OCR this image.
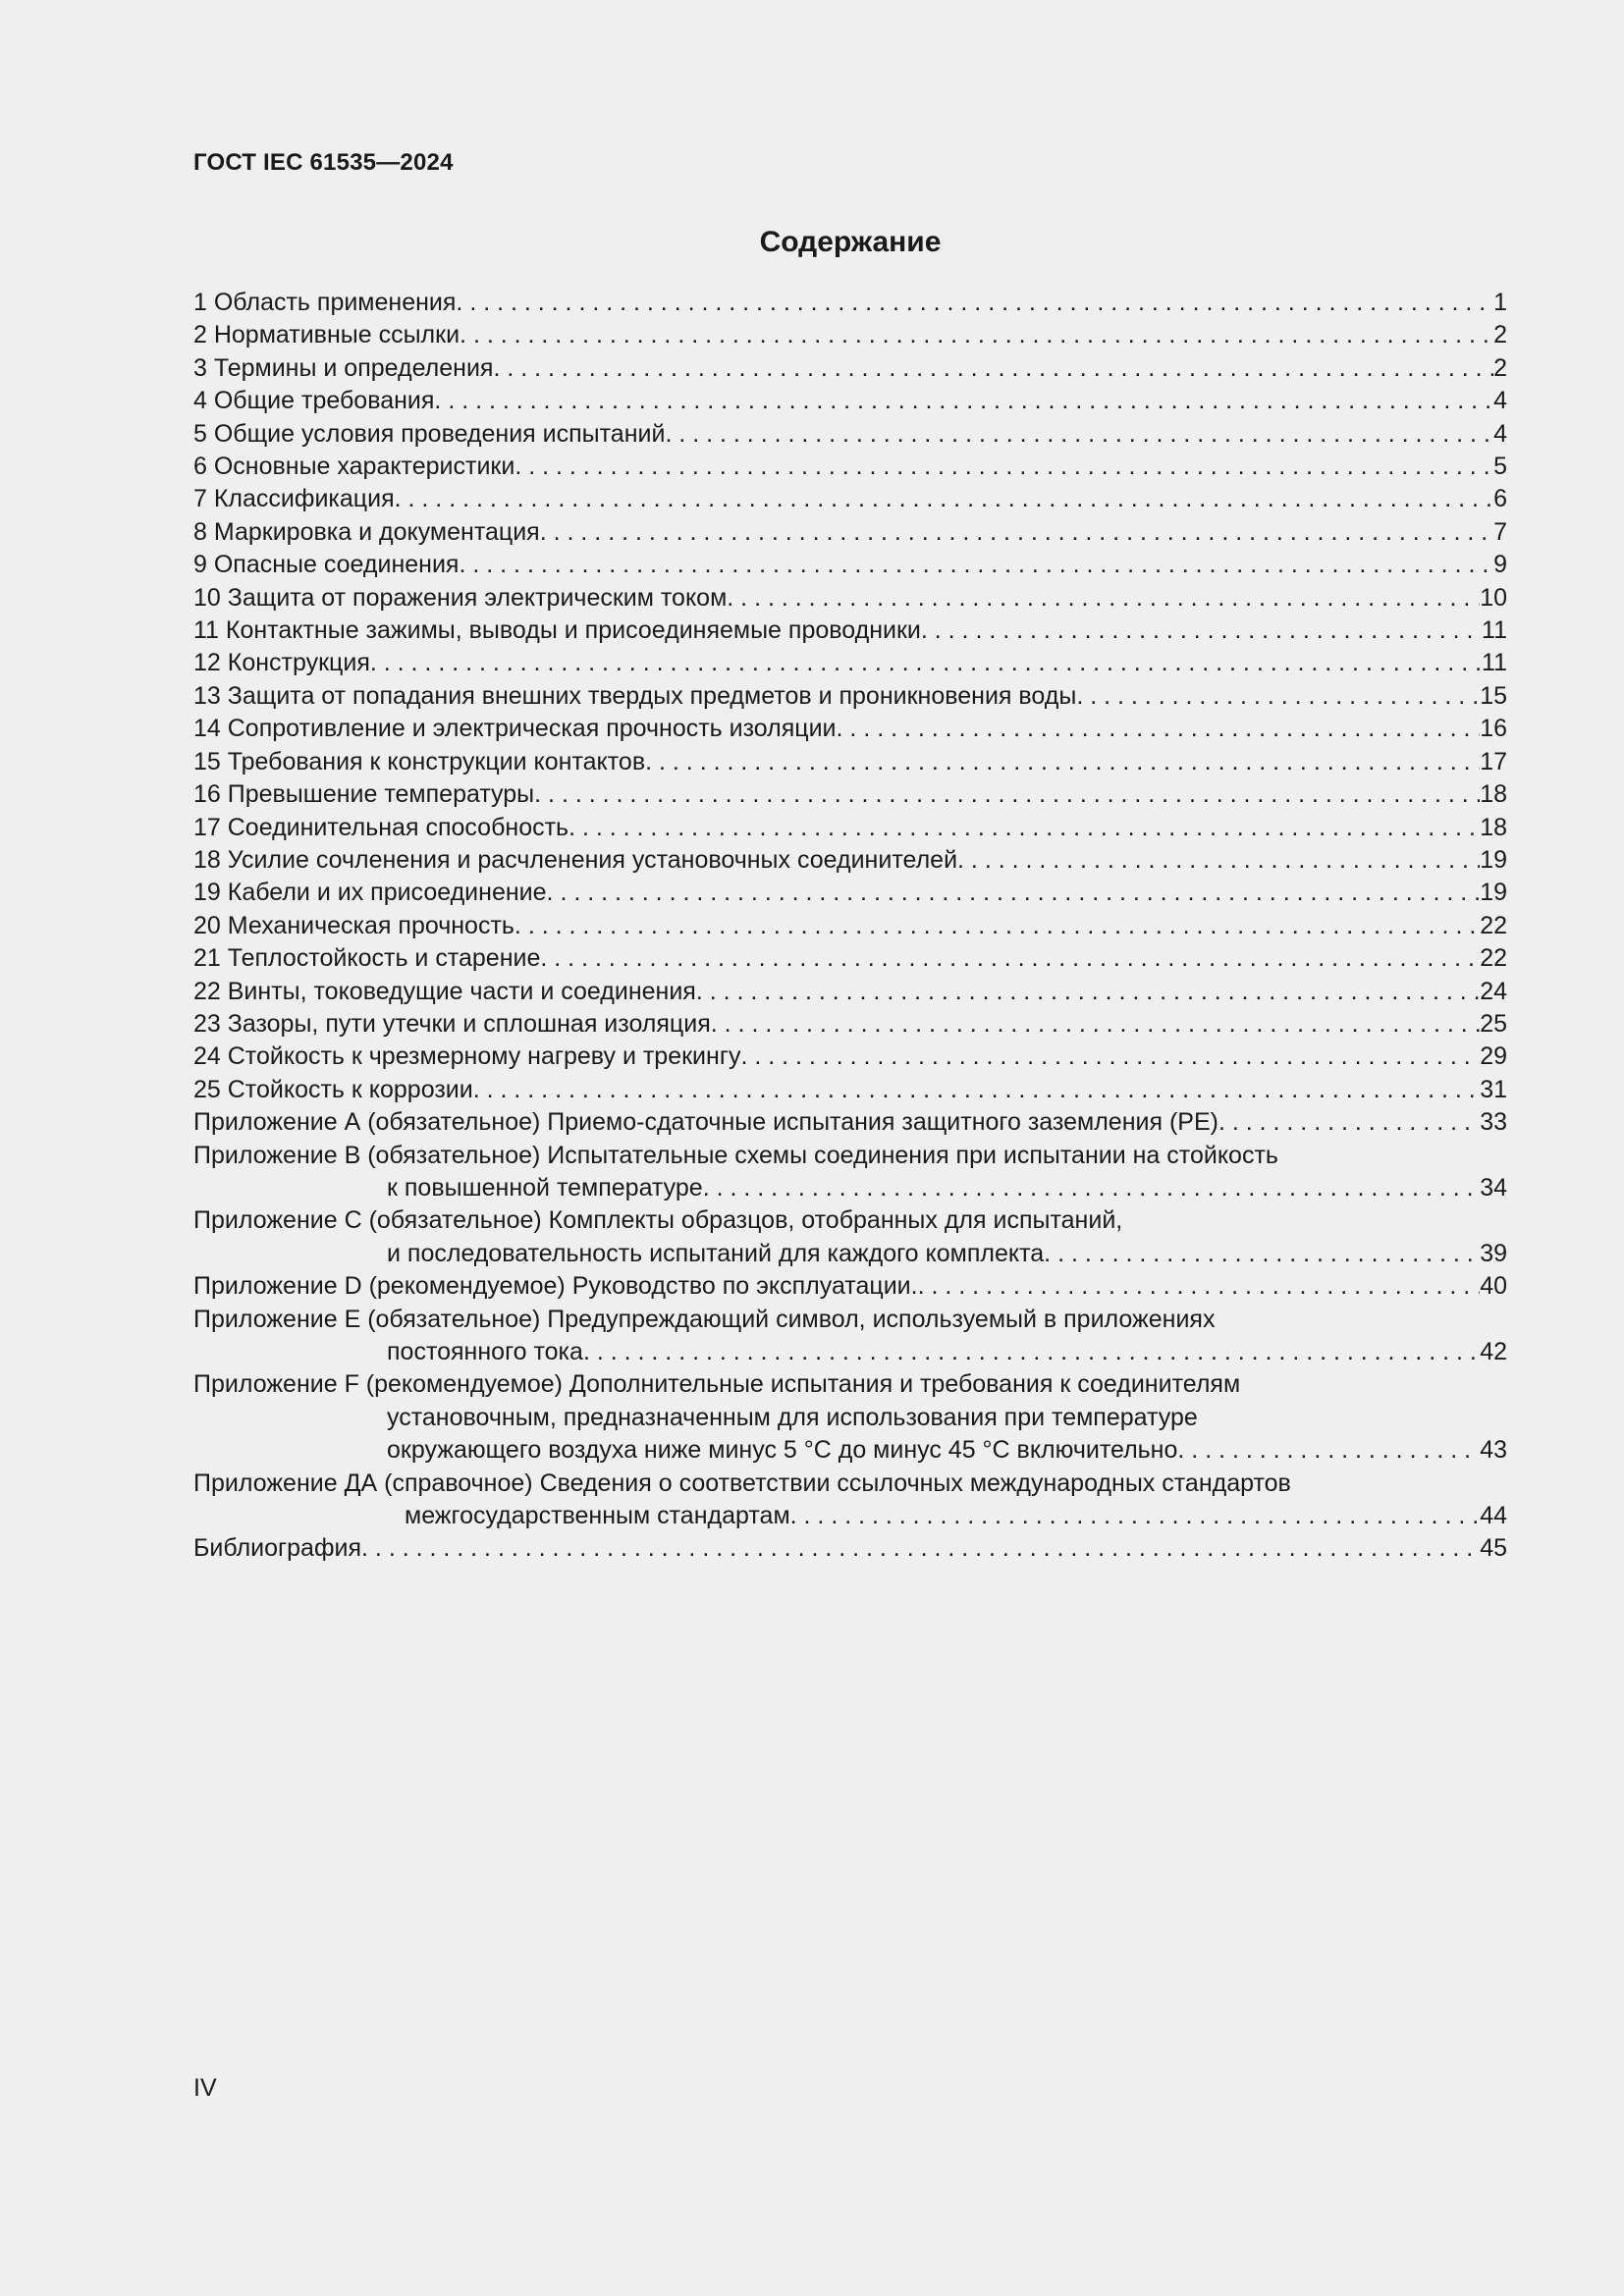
ГОСТ IEC 61535—2024
Содержание
1 Область применения . . .	1
2 Нормативные ссылки . . .	2
3 Термины и определения . . .	2
4 Общие требования . . .	4
5 Общие условия проведения испытаний . . .	4
6 Основные характеристики . . .	5
7 Классификация . . .	6
8 Маркировка и документация . . .	7
9 Опасные соединения . . .	9
10 Защита от поражения электрическим током . . .	10
11 Контактные зажимы, выводы и присоединяемые проводники . . .	11
12 Конструкция . . .	11
13 Защита от попадания внешних твердых предметов и проникновения воды . . .	15
14 Сопротивление и электрическая прочность изоляции . . .	16
15 Требования к конструкции контактов . . .	17
16 Превышение температуры . . .	18
17 Соединительная способность . . .	18
18 Усилие сочленения и расчленения установочных соединителей . . .	19
19 Кабели и их присоединение . . .	19
20 Механическая прочность . . .	22
21 Теплостойкость и старение . . .	22
22 Винты, токоведущие части и соединения . . .	24
23 Зазоры, пути утечки и сплошная изоляция . . .	25
24 Стойкость к чрезмерному нагреву и трекингу . . .	29
25 Стойкость к коррозии . . .	31
Приложение А (обязательное) Приемо-сдаточные испытания защитного заземления (PE) . . .	33
Приложение В (обязательное) Испытательные схемы соединения при испытании на стойкость
к повышенной температуре . . .	34
Приложение С (обязательное) Комплекты образцов, отобранных для испытаний,
и последовательность испытаний для каждого комплекта . . .	39
Приложение D (рекомендуемое) Руководство по эксплуатации. . . .	40
Приложение Е (обязательное) Предупреждающий символ, используемый в приложениях
постоянного тока . . .	42
Приложение F (рекомендуемое) Дополнительные испытания и требования к соединителям
установочным, предназначенным для использования при температуре
окружающего воздуха ниже минус 5 °С до минус 45 °С включительно . . .	43
Приложение ДА (справочное) Сведения о соответствии ссылочных международных стандартов
межгосударственным стандартам . . .	44
Библиография . . .	45
IV
